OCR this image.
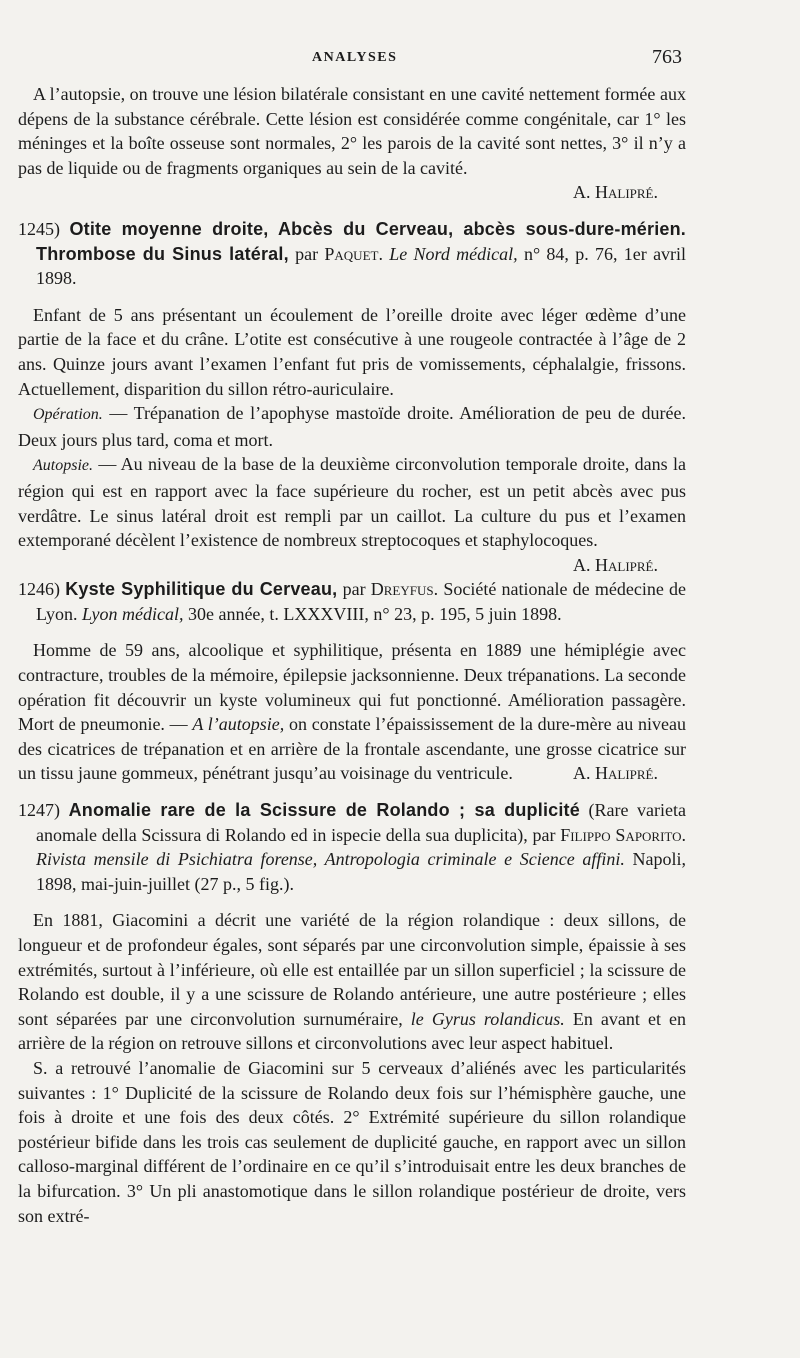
ANALYSES	763

A l’autopsie, on trouve une lésion bilatérale consistant en une cavité nettement formée aux dépens de la substance cérébrale. Cette lésion est considérée comme congénitale, car 1° les méninges et la boîte osseuse sont normales, 2° les parois de la cavité sont nettes, 3° il n’y a pas de liquide ou de fragments organiques au sein de la cavité.
A. Halipré.

1245) Otite moyenne droite, Abcès du Cerveau, abcès sous-dure-mérien. Thrombose du Sinus latéral, par Paquet. Le Nord médical, n° 84, p. 76, 1er avril 1898.

Enfant de 5 ans présentant un écoulement de l’oreille droite avec léger œdème d’une partie de la face et du crâne. L’otite est consécutive à une rougeole contractée à l’âge de 2 ans. Quinze jours avant l’examen l’enfant fut pris de vomissements, céphalalgie, frissons. Actuellement, disparition du sillon rétro-auriculaire.

Opération. — Trépanation de l’apophyse mastoïde droite. Amélioration de peu de durée. Deux jours plus tard, coma et mort.

Autopsie. — Au niveau de la base de la deuxième circonvolution temporale droite, dans la région qui est en rapport avec la face supérieure du rocher, est un petit abcès avec pus verdâtre. Le sinus latéral droit est rempli par un caillot. La culture du pus et l’examen extemporané décèlent l’existence de nombreux streptocoques et staphylocoques.
A. Halipré.

1246) Kyste Syphilitique du Cerveau, par Dreyfus. Société nationale de médecine de Lyon. Lyon médical, 30e année, t. LXXXVIII, n° 23, p. 195, 5 juin 1898.

Homme de 59 ans, alcoolique et syphilitique, présenta en 1889 une hémiplégie avec contracture, troubles de la mémoire, épilepsie jacksonnienne. Deux trépanations. La seconde opération fit découvrir un kyste volumineux qui fut ponctionné. Amélioration passagère. Mort de pneumonie. — A l’autopsie, on constate l’épaississement de la dure-mère au niveau des cicatrices de trépanation et en arrière de la frontale ascendante, une grosse cicatrice sur un tissu jaune gommeux, pénétrant jusqu’au voisinage du ventricule.	A. Halipré.

1247) Anomalie rare de la Scissure de Rolando ; sa duplicité (Rare varieta anomale della Scissura di Rolando ed in ispecie della sua duplicita), par Filippo Saporito. Rivista mensile di Psichiatra forense, Antropologia criminale e Science affini. Napoli, 1898, mai-juin-juillet (27 p., 5 fig.).

En 1881, Giacomini a décrit une variété de la région rolandique : deux sillons, de longueur et de profondeur égales, sont séparés par une circonvolution simple, épaissie à ses extrémités, surtout à l’inférieure, où elle est entaillée par un sillon superficiel ; la scissure de Rolando est double, il y a une scissure de Rolando antérieure, une autre postérieure ; elles sont séparées par une circonvolution surnuméraire, le Gyrus rolandicus. En avant et en arrière de la région on retrouve sillons et circonvolutions avec leur aspect habituel.

S. a retrouvé l’anomalie de Giacomini sur 5 cerveaux d’aliénés avec les particularités suivantes : 1° Duplicité de la scissure de Rolando deux fois sur l’hémisphère gauche, une fois à droite et une fois des deux côtés. 2° Extrémité supérieure du sillon rolandique postérieur bifide dans les trois cas seulement de duplicité gauche, en rapport avec un sillon calloso-marginal différent de l’ordinaire en ce qu’il s’introduisait entre les deux branches de la bifurcation. 3° Un pli anastomotique dans le sillon rolandique postérieur de droite, vers son extré-
